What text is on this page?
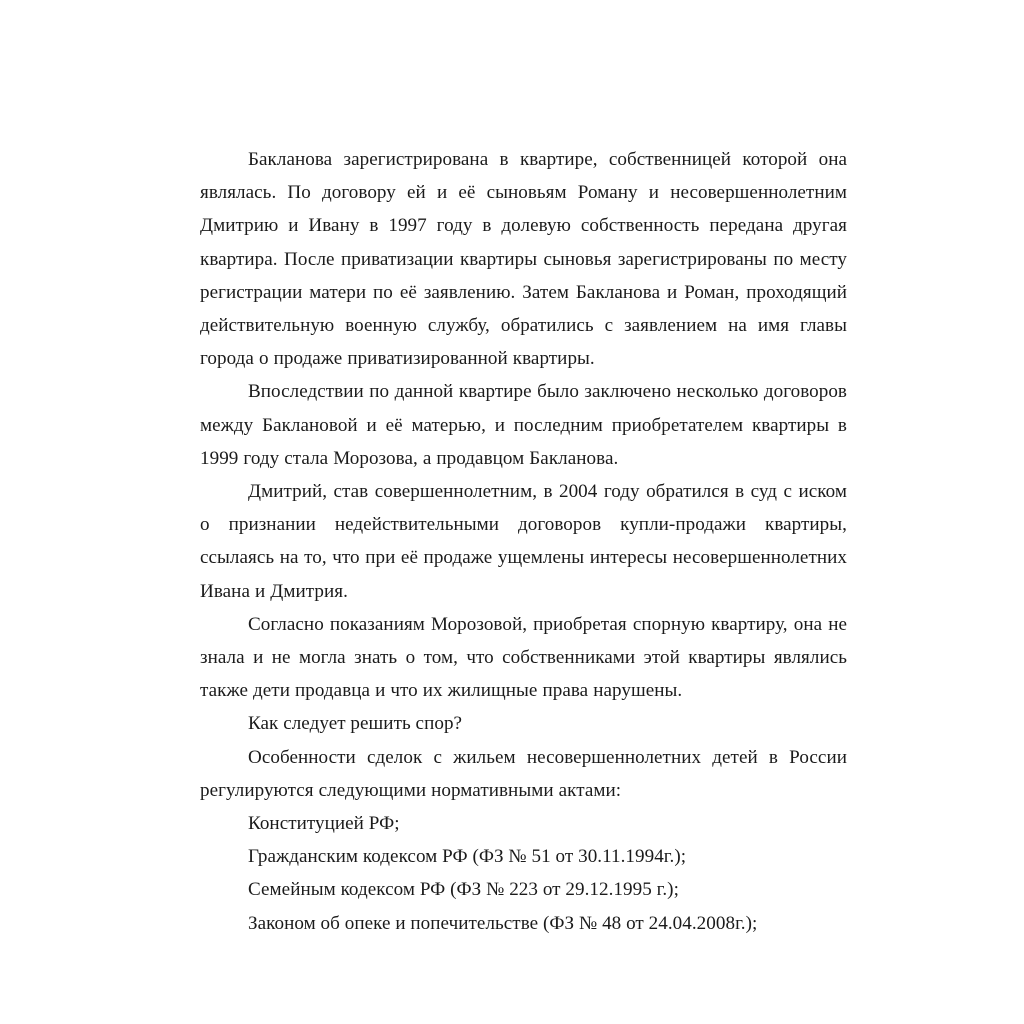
Бакланова зарегистрирована в квартире, собственницей которой она являлась. По договору ей и её сыновьям Роману и несовершеннолетним Дмитрию и Ивану в 1997 году в долевую собственность передана другая квартира. После приватизации квартиры сыновья зарегистрированы по месту регистрации матери по её заявлению. Затем Бакланова и Роман, проходящий действительную военную службу, обратились с заявлением на имя главы города о продаже приватизированной квартиры.

Впоследствии по данной квартире было заключено несколько договоров между Баклановой и её матерью, и последним приобретателем квартиры в 1999 году стала Морозова, а продавцом Бакланова.

Дмитрий, став совершеннолетним, в 2004 году обратился в суд с иском о признании недействительными договоров купли-продажи квартиры, ссылаясь на то, что при её продаже ущемлены интересы несовершеннолетних Ивана и Дмитрия.

Согласно показаниям Морозовой, приобретая спорную квартиру, она не знала и не могла знать о том, что собственниками этой квартиры являлись также дети продавца и что их жилищные права нарушены.

Как следует решить спор?

Особенности сделок с жильем несовершеннолетних детей в России регулируются следующими нормативными актами:

Конституцией РФ;

Гражданским кодексом РФ (ФЗ № 51 от 30.11.1994г.);

Семейным кодексом РФ (ФЗ № 223 от 29.12.1995 г.);

Законом об опеке и попечительстве (ФЗ № 48 от 24.04.2008г.);
